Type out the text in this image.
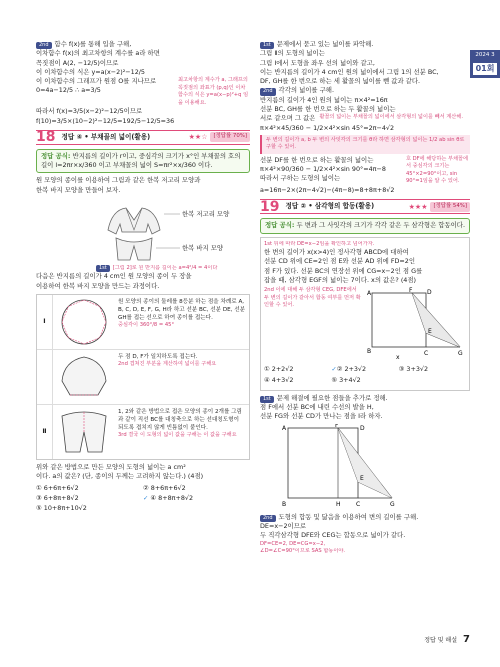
2024 3
01회
2nd 함수 f(x)를 통해 입을 구해,
이차함수 f(x)의 최고차항의 계수를 a라 하면
꼭짓점이 A(2, −12/5)이므로
이 이차함수의 식은 y=a(x−2)²−12/5
이 이차함수의 그래프가 원점 O를 지나므로
0=4a−12/5 ∴ a=3/5
최고차항의 계수가 a, 그래프의 꼭짓점의 좌표가 (p,q)인 이차함수의 식은 y=a(x−p)²+q 임을 이용해요.
따라서 f(x)=3/5(x−2)²−12/5이므로
f(10)=3/5×(10−2)²−12/5=192/5−12/5=36
18 정답 ④ • 부채꼴의 넓이(활용)	★★☆	[정답률 70%]
정답 공식: 반지름의 길이가 r이고, 중심각의 크기가 x°인 부채꼴의 호의 길이 l=2πr×x/360 이고 부채꼴의 넓이 S=πr²×x/360 이다.
원 모양의 종이를 이용하여 그림과 같은 한복 저고리 모양과
한복 바지 모양을 만들어 보자.
한복 저고리 모양
한복 바지 모양
1st [그림 2]로 원 반지름 길이는 a=4²/4 = 4이다
다음은 반지름의 길이가 4 cm인 원 모양의 종이 두 장을
이용하여 한복 바지 모양을 만드는 과정이다.
Ⅰ
원 모양의 종이의 둘레를 8등분 하는 점을 차례로 A, B, C, D, E, F, G, H라 하고 선분 BC, 선분 DE, 선분 GH를 접는 선으로 하여 종이를 접는다.
중심각이 360°/8 = 45°
두 점 D, F가 일치하도록 접는다.
2nd 겹쳐진 부분을 계산하여 넓이를 구해요
Ⅱ
1, 2와 같은 방법으로 접은 모양의 종이 2개를 그림과 같이 직선 BC를 대칭축으로 하는 선대칭도형이 되도록 겹치지 않게 빈틈없이 붙인다.
3rd 결국 이 도형의 넓이 값을 구해는 이 값을 구해요
위와 같은 방법으로 만든 모양의 도형의 넓이는 a cm²
이다. a의 값은? (단, 종이의 두께는 고려하지 않는다.) (4점)
① 6+6π+6√2	② 8+6π+6√2
③ 6+8π+8√2	✓ ④ 8+8π+8√2
⑤ 10+8π+10√2
1st 문제에서 묻고 있는 넓이를 파악해.
그림 Ⅱ의 도형의 넓이는
그림 Ⅰ에서 도형을 좌우 선의 넓이와 같고,
이는 반지름의 길이가 4 cm인 원의 넓이에서 그림 1의 선분 BC,
DF, GH를 한 번으로 하는 세 활꼴의 넓이를 뺀 값과 같다.
2nd 각각의 넓이를 구해.
반지름의 길이가 4인 원의 넓이는 π×4²=16π
선분 BC, GH를 한 번으로 하는 두 활꼴의 넓이는
서로 같으며 그 값은 활꼴의 넓이는 부채꼴의 넓이에서 삼각형의 넓이를 빼서 계산해.
π×4²×45/360 − 1/2×4²×sin 45°=2π−4√2
두 변의 길이가 a, b 두 변의 사잇각의 크기를 θ라 하면 삼각형의 넓이는 1/2 ab sin θ로 구할 수 있어.
선분 DF를 한 번으로 하는 활꼴의 넓이는
π×4²×90/360 − 1/2×4²×sin 90°=4π−8
따라서 구하는 도형의 넓이는
호 DF에 해당하는 부채꼴에서 중심각의 크기는 45°×2=90°이고, sin 90°=1임을 알 수 있어.
a=16π−2×(2π−4√2)−(4π−8)=8+8π+8√2
19 정답 ② • 삼각형의 합동(활용)	★★★	[정답률 54%]
정답 공식: 두 변과 그 사잇각의 크기가 각각 같은 두 삼각형은 합동이다.
1st 뒤에 따라 DE=x−2임을 확인하고 넘어가자.
한 변의 길이가 x(x>4)인 정사각형 ABCD에 대하여
선분 CD 위에 CE=2인 점 E와 선분 AD 위에 FD=2인
점 F가 있다. 선분 BC의 연장선 위에 CG=x−2인 점 G를
잡을 때, 삼각형 EGF의 넓이는 7이다. x의 값은? (4점)
2nd 이에 대해 두 삼각형 CEG, DFE에서 두 변의 길이가 같아서 합동 여부를 먼저 확인할 수 있어.
A	F D
E
B	C	G
x
① 2+2√2	✓② 2+3√2	③ 3+3√2
④ 4+3√2	⑤ 3+4√2
1st 문제 해결에 필요한 점들을 추가로 정해.
점 F에서 선분 BC에 내린 수선의 발을 H,
선분 FG와 선분 CD가 만나는 점을 I라 하자.
A	F	D
E
B	H	C	G
2nd 도형의 합동 및 닮음을 이용하여 변의 길이를 구해.
DE=x−2이므로
두 직각삼각형 DFE와 CEG는 합동으로 넓이가 같다.
DF=CE=2, DE=CG=x−2,
∠D=∠C=90°이므로 SAS 합동이야.
정답 및 해설 7
